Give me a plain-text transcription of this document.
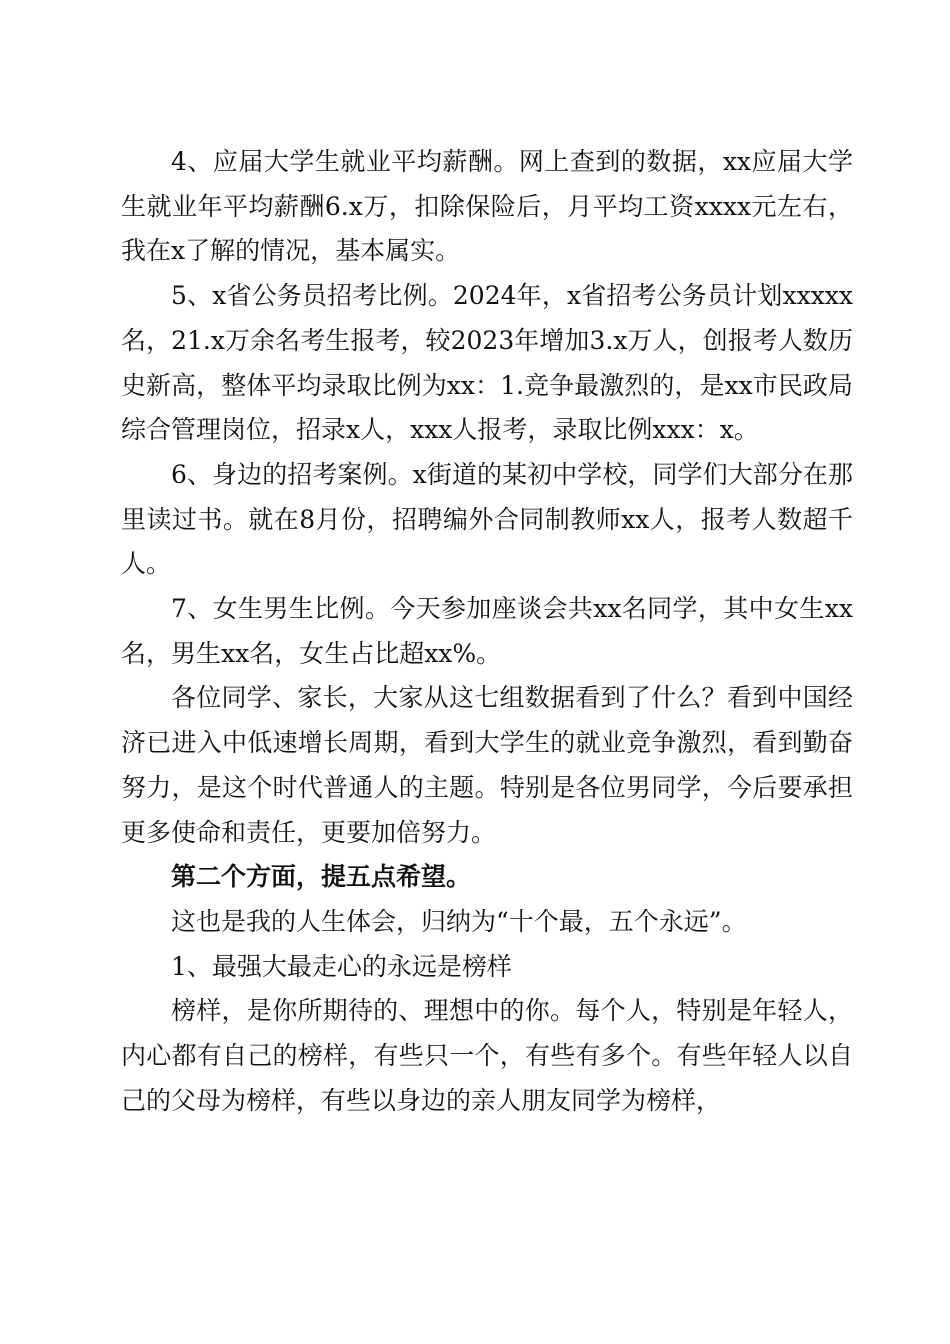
4、应届大学生就业平均薪酬。网上查到的数据，xx应届大学生就业年平均薪酬6.x万，扣除保险后，月平均工资xxxx元左右，我在x了解的情况，基本属实。

5、x省公务员招考比例。2024年，x省招考公务员计划xxxxx名，21.x万余名考生报考，较2023年增加3.x万人，创报考人数历史新高，整体平均录取比例为xx：1.竞争最激烈的，是xx市民政局综合管理岗位，招录x人，xxx人报考，录取比例xxx：x。

6、身边的招考案例。x街道的某初中学校，同学们大部分在那里读过书。就在8月份，招聘编外合同制教师xx人，报考人数超千人。

7、女生男生比例。今天参加座谈会共xx名同学，其中女生xx名，男生xx名，女生占比超xx%。

各位同学、家长，大家从这七组数据看到了什么？看到中国经济已进入中低速增长周期，看到大学生的就业竞争激烈，看到勤奋努力，是这个时代普通人的主题。特别是各位男同学，今后要承担更多使命和责任，更要加倍努力。

第二个方面，提五点希望。

这也是我的人生体会，归纳为“十个最，五个永远”。

1、最强大最走心的永远是榜样

榜样，是你所期待的、理想中的你。每个人，特别是年轻人，内心都有自己的榜样，有些只一个，有些有多个。有些年轻人以自己的父母为榜样，有些以身边的亲人朋友同学为榜样，
